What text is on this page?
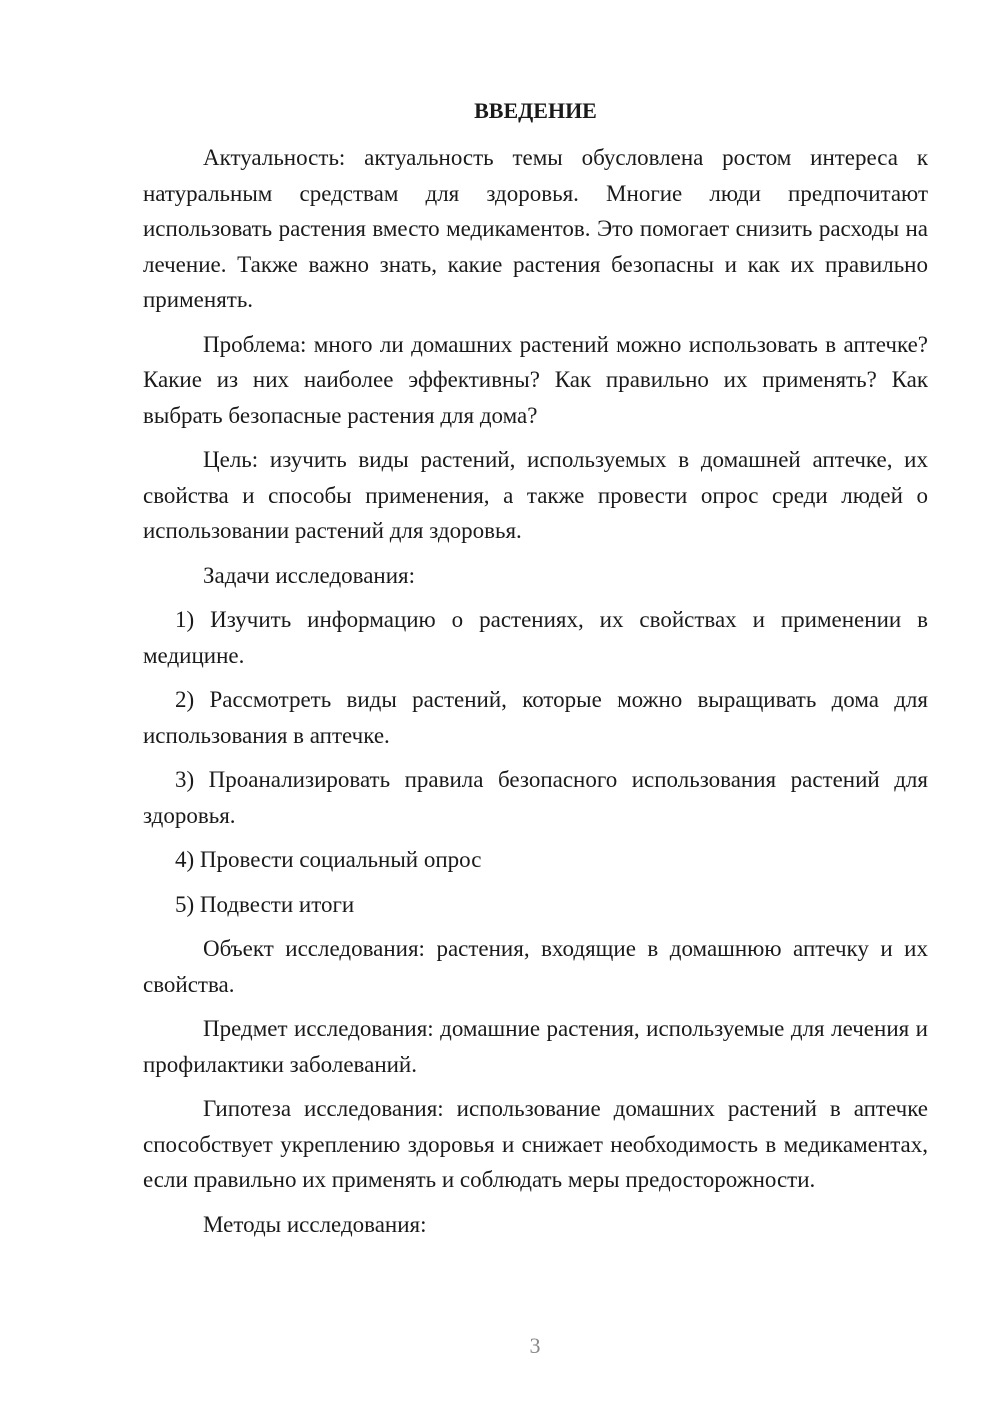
ВВЕДЕНИЕ

Актуальность: актуальность темы обусловлена ростом интереса к натуральным средствам для здоровья. Многие люди предпочитают использовать растения вместо медикаментов. Это помогает снизить расходы на лечение. Также важно знать, какие растения безопасны и как их правильно применять.

Проблема: много ли домашних растений можно использовать в аптечке? Какие из них наиболее эффективны? Как правильно их применять? Как выбрать безопасные растения для дома?

Цель: изучить виды растений, используемых в домашней аптечке, их свойства и способы применения, а также провести опрос среди людей о использовании растений для здоровья.

Задачи исследования:

1) Изучить информацию о растениях, их свойствах и применении в медицине.

2) Рассмотреть виды растений, которые можно выращивать дома для использования в аптечке.

3) Проанализировать правила безопасного использования растений для здоровья.

4) Провести социальный опрос

5) Подвести итоги

Объект исследования: растения, входящие в домашнюю аптечку и их свойства.

Предмет исследования: домашние растения, используемые для лечения и профилактики заболеваний.

Гипотеза исследования: использование домашних растений в аптечке способствует укреплению здоровья и снижает необходимость в медикаментах, если правильно их применять и соблюдать меры предосторожности.

Методы исследования:

3
